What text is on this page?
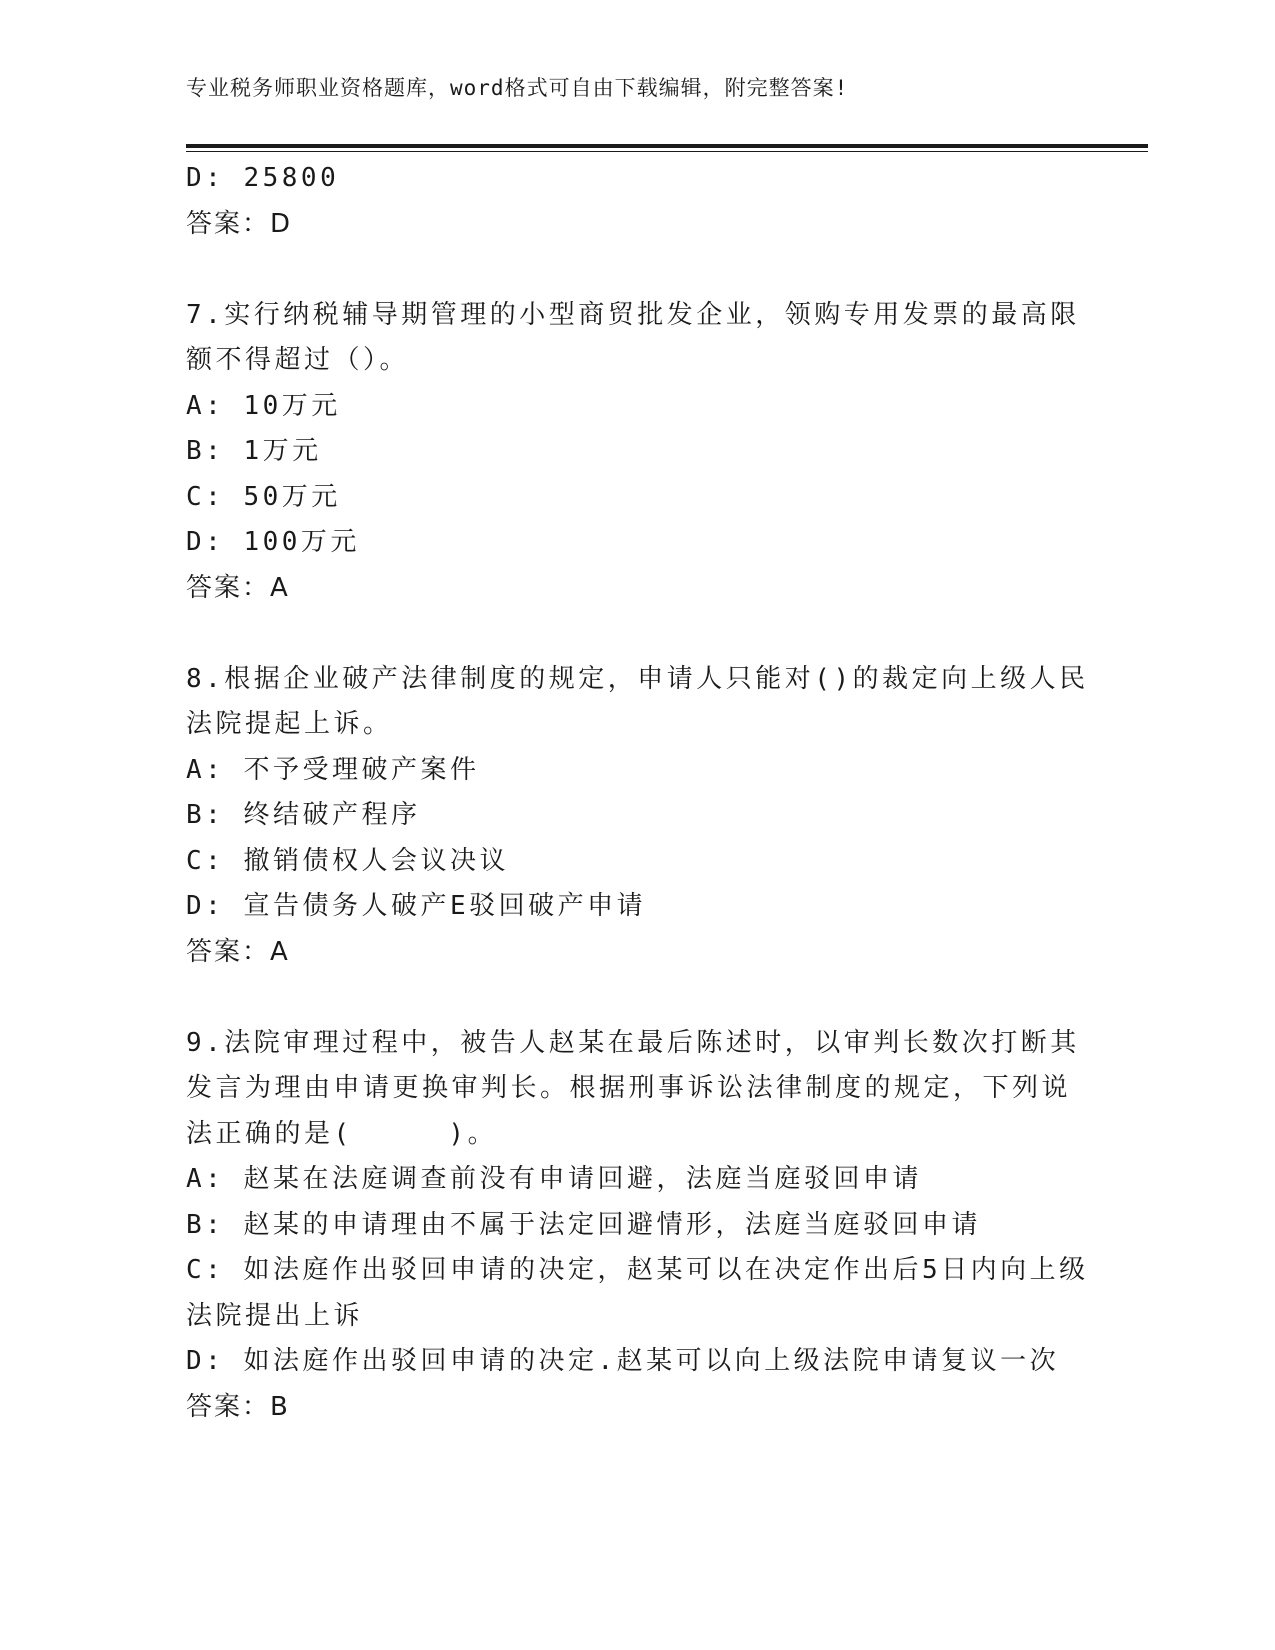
专业税务师职业资格题库，word格式可自由下载编辑，附完整答案!
D: 25800
答案：D
7.实行纳税辅导期管理的小型商贸批发企业，领购专用发票的最高限
额不得超过（）。
A: 10万元
B: 1万元
C: 50万元
D: 100万元
答案：A
8.根据企业破产法律制度的规定，申请人只能对()的裁定向上级人民
法院提起上诉。
A: 不予受理破产案件
B: 终结破产程序
C: 撤销债权人会议决议
D: 宣告债务人破产E驳回破产申请
答案：A
9.法院审理过程中，被告人赵某在最后陈述时，以审判长数次打断其
发言为理由申请更换审判长。根据刑事诉讼法律制度的规定，下列说
法正确的是(     )。
A: 赵某在法庭调查前没有申请回避，法庭当庭驳回申请
B: 赵某的申请理由不属于法定回避情形，法庭当庭驳回申请
C: 如法庭作出驳回申请的决定，赵某可以在决定作出后5日内向上级
法院提出上诉
D: 如法庭作出驳回申请的决定.赵某可以向上级法院申请复议一次
答案：B
